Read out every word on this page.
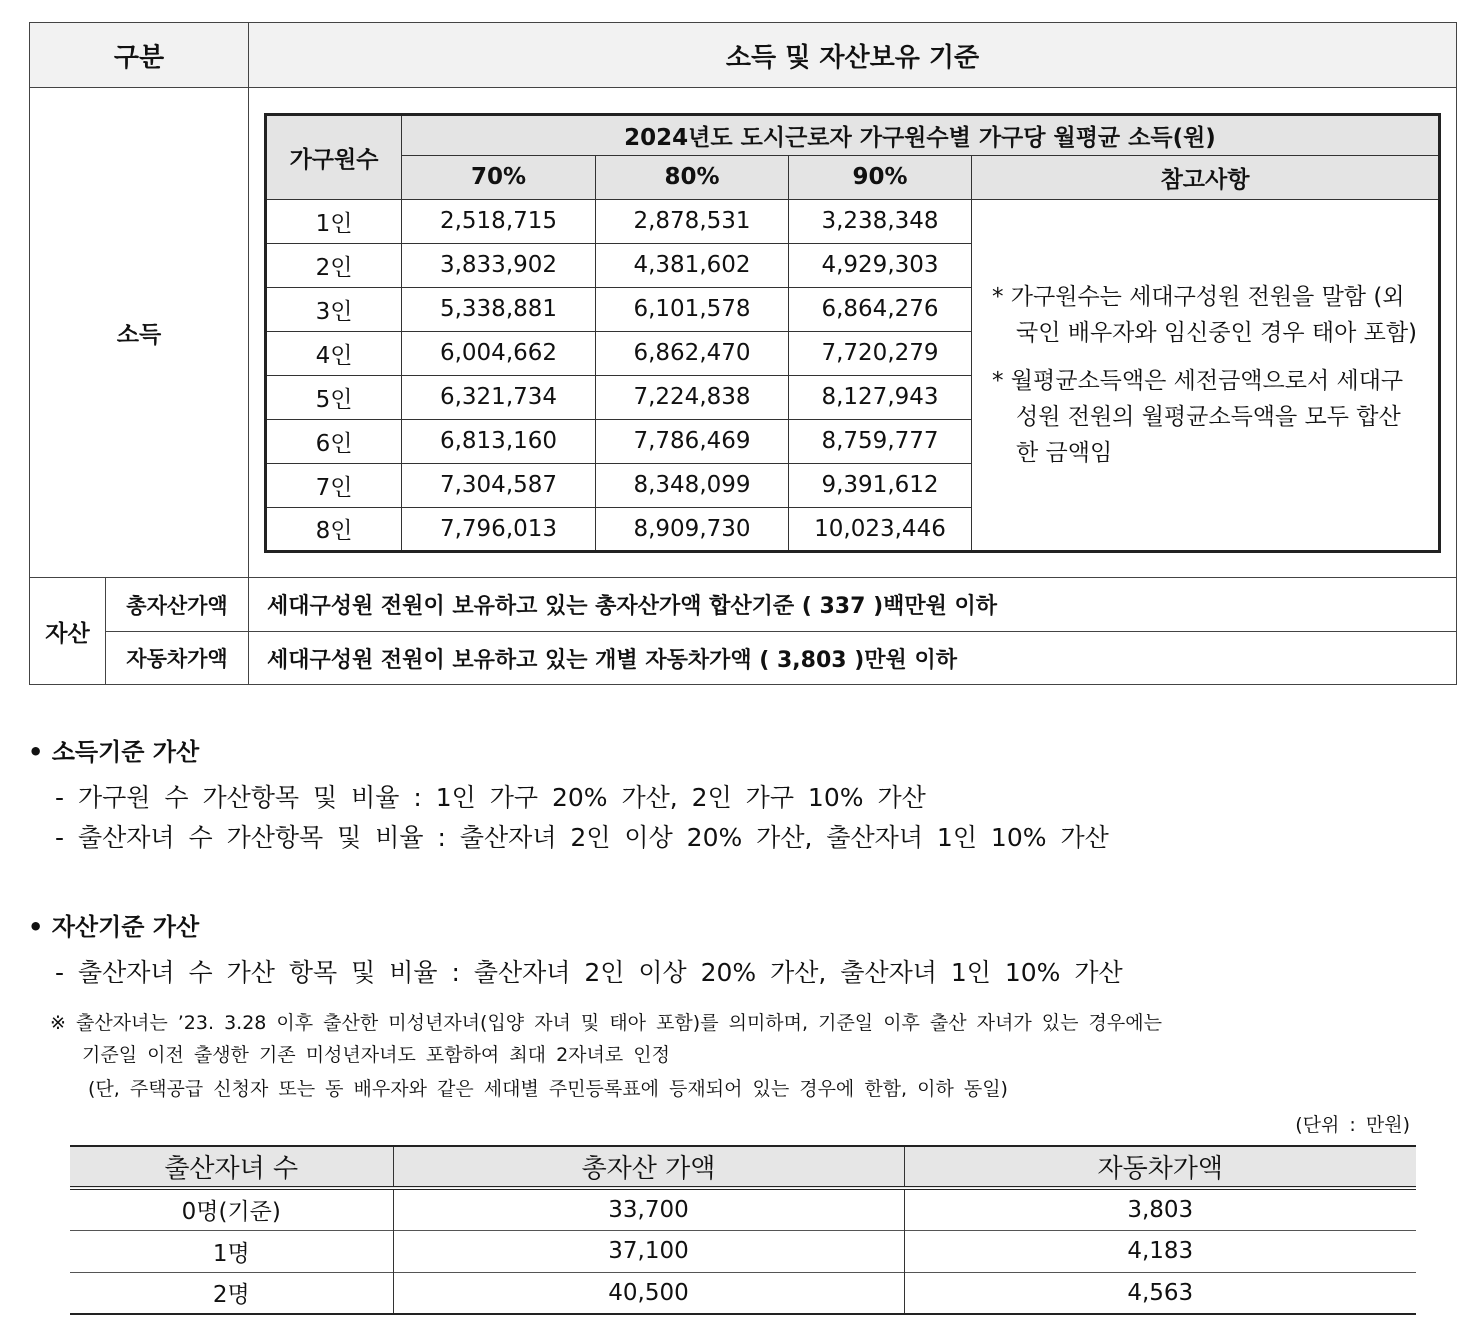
구분	소득 및 자산보유 기준
소득	
가구원수	2024년도 도시근로자 가구원수별 가구당 월평균 소득(원)
70%	80%	90%	참고사항
1인	2,518,715	2,878,531	3,238,348	

* 가구원수는 세대구성원 전원을 말함 (외국인 배우자와 임신중인 경우 태아 포함)

* 월평균소득액은 세전금액으로서 세대구성원 전원의 월평균소득액을 모두 합산한 금액임

2인	3,833,902	4,381,602	4,929,303
3인	5,338,881	6,101,578	6,864,276
4인	6,004,662	6,862,470	7,720,279
5인	6,321,734	7,224,838	8,127,943
6인	6,813,160	7,786,469	8,759,777
7인	7,304,587	8,348,099	9,391,612
8인	7,796,013	8,909,730	10,023,446

자산	총자산가액	세대구성원 전원이 보유하고 있는 총자산가액 합산기준 ( 337 )백만원 이하
자동차가액	세대구성원 전원이 보유하고 있는 개별 자동차가액 ( 3,803 )만원 이하
• 소득기준 가산
- 가구원 수 가산항목 및 비율 : 1인 가구 20% 가산, 2인 가구 10% 가산
- 출산자녀 수 가산항목 및 비율 : 출산자녀 2인 이상 20% 가산, 출산자녀 1인 10% 가산
• 자산기준 가산
- 출산자녀 수 가산 항목 및 비율 : 출산자녀 2인 이상 20% 가산, 출산자녀 1인 10% 가산
※ 출산자녀는 ’23. 3.28 이후 출산한 미성년자녀(입양 자녀 및 태아 포함)를 의미하며, 기준일 이후 출산 자녀가 있는 경우에는
기준일 이전 출생한 기존 미성년자녀도 포함하여 최대 2자녀로 인정
(단, 주택공급 신청자 또는 동 배우자와 같은 세대별 주민등록표에 등재되어 있는 경우에 한함, 이하 동일)
(단위 : 만원)
출산자녀 수	총자산 가액	자동차가액
0명(기준)	33,700	3,803
1명	37,100	4,183
2명	40,500	4,563
